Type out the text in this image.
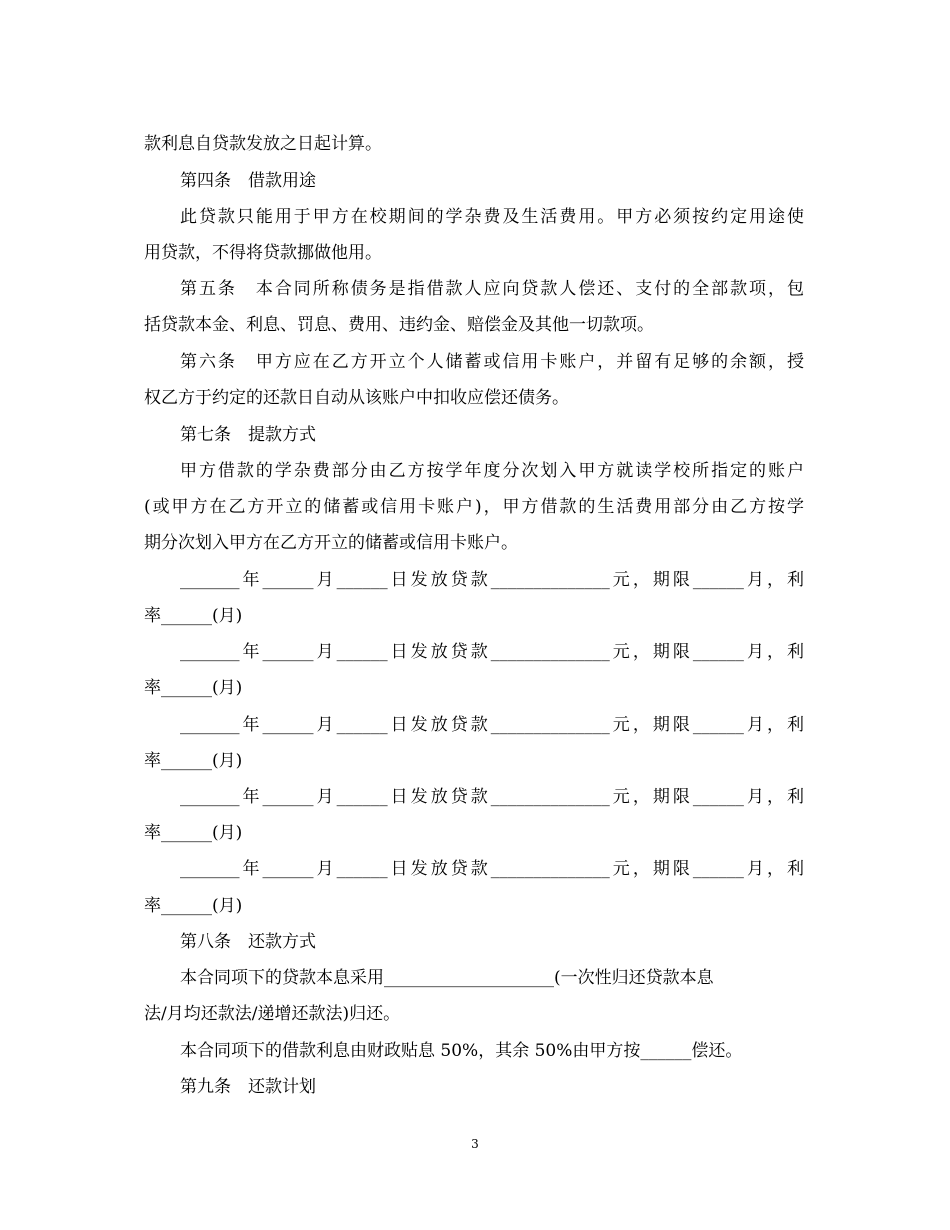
款利息自贷款发放之日起计算。
第四条　借款用途
此贷款只能用于甲方在校期间的学杂费及生活费用。甲方必须按约定用途使
用贷款，不得将贷款挪做他用。
第五条　本合同所称债务是指借款人应向贷款人偿还、支付的全部款项，包
括贷款本金、利息、罚息、费用、违约金、赔偿金及其他一切款项。
第六条　甲方应在乙方开立个人储蓄或信用卡账户，并留有足够的余额，授
权乙方于约定的还款日自动从该账户中扣收应偿还债务。
第七条　提款方式
甲方借款的学杂费部分由乙方按学年度分次划入甲方就读学校所指定的账户
(或甲方在乙方开立的储蓄或信用卡账户)，甲方借款的生活费用部分由乙方按学
期分次划入甲方在乙方开立的储蓄或信用卡账户。
_______年______月______日发放贷款______________元，期限______月，利
率______(月)
_______年______月______日发放贷款______________元，期限______月，利
率______(月)
_______年______月______日发放贷款______________元，期限______月，利
率______(月)
_______年______月______日发放贷款______________元，期限______月，利
率______(月)
_______年______月______日发放贷款______________元，期限______月，利
率______(月)
第八条　还款方式
本合同项下的贷款本息采用____________________(一次性归还贷款本息
法/月均还款法/递增还款法)归还。
本合同项下的借款利息由财政贴息 50%，其余 50%由甲方按______偿还。
第九条　还款计划
3
